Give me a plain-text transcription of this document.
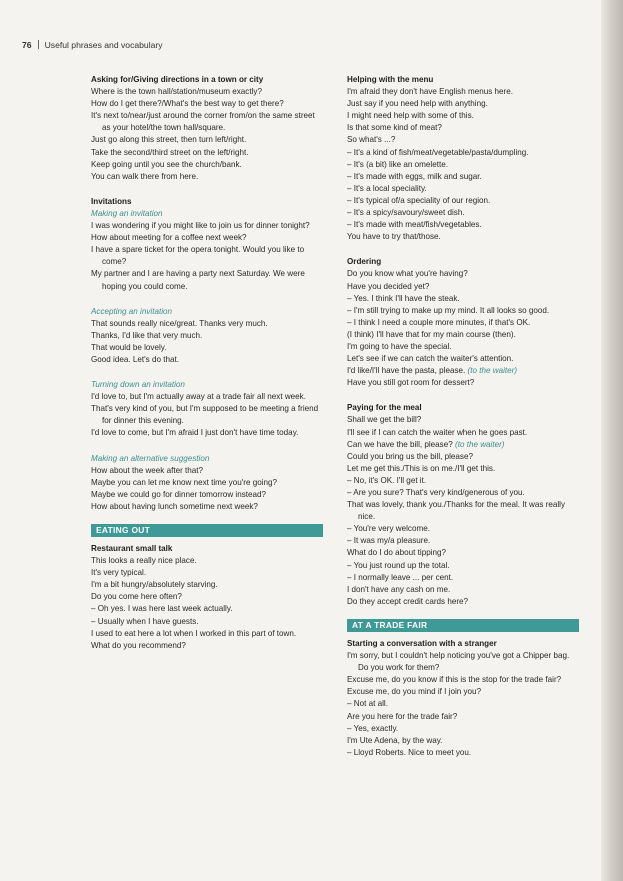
76 Useful phrases and vocabulary

Asking for/Giving directions in a town or city

Where is the town hall/station/museum exactly?

How do I get there?/What's the best way to get there?

It's next to/near/just around the corner from/on the same street as your hotel/the town hall/square.

Just go along this street, then turn left/right.

Take the second/third street on the left/right.

Keep going until you see the church/bank.

You can walk there from here.

Invitations

Making an invitation

I was wondering if you might like to join us for dinner tonight?

How about meeting for a coffee next week?

I have a spare ticket for the opera tonight. Would you like to come?

My partner and I are having a party next Saturday. We were hoping you could come.

Accepting an invitation

That sounds really nice/great. Thanks very much.

Thanks, I'd like that very much.

That would be lovely.

Good idea. Let's do that.

Turning down an invitation

I'd love to, but I'm actually away at a trade fair all next week.

That's very kind of you, but I'm supposed to be meeting a friend for dinner this evening.

I'd love to come, but I'm afraid I just don't have time today.

Making an alternative suggestion

How about the week after that?

Maybe you can let me know next time you're going?

Maybe we could go for dinner tomorrow instead?

How about having lunch sometime next week?

EATING OUT

Restaurant small talk

This looks a really nice place.

It's very typical.

I'm a bit hungry/absolutely starving.

Do you come here often?

– Oh yes. I was here last week actually.

– Usually when I have guests.

I used to eat here a lot when I worked in this part of town.

What do you recommend?

Helping with the menu

I'm afraid they don't have English menus here.

Just say if you need help with anything.

I might need help with some of this.

Is that some kind of meat?

So what's ...?

– It's a kind of fish/meat/vegetable/pasta/dumpling.

– It's (a bit) like an omelette.

– It's made with eggs, milk and sugar.

– It's a local speciality.

– It's typical of/a speciality of our region.

– It's a spicy/savoury/sweet dish.

– It's made with meat/fish/vegetables.

You have to try that/those.

Ordering

Do you know what you're having?

Have you decided yet?

– Yes. I think I'll have the steak.

– I'm still trying to make up my mind. It all looks so good.

– I think I need a couple more minutes, if that's OK.

(I think) I'll have that for my main course (then).

I'm going to have the special.

Let's see if we can catch the waiter's attention.

I'd like/I'll have the pasta, please. (to the waiter)

Have you still got room for dessert?

Paying for the meal

Shall we get the bill?

I'll see if I can catch the waiter when he goes past.

Can we have the bill, please? (to the waiter)

Could you bring us the bill, please?

Let me get this./This is on me./I'll get this.

– No, it's OK. I'll get it.

– Are you sure? That's very kind/generous of you.

That was lovely, thank you./Thanks for the meal. It was really nice.

– You're very welcome.

– It was my/a pleasure.

What do I do about tipping?

– You just round up the total.

– I normally leave ... per cent.

I don't have any cash on me.

Do they accept credit cards here?

AT A TRADE FAIR

Starting a conversation with a stranger

I'm sorry, but I couldn't help noticing you've got a Chipper bag. Do you work for them?

Excuse me, do you know if this is the stop for the trade fair?

Excuse me, do you mind if I join you?

– Not at all.

Are you here for the trade fair?

– Yes, exactly.

I'm Ute Adena, by the way.

– Lloyd Roberts. Nice to meet you.
